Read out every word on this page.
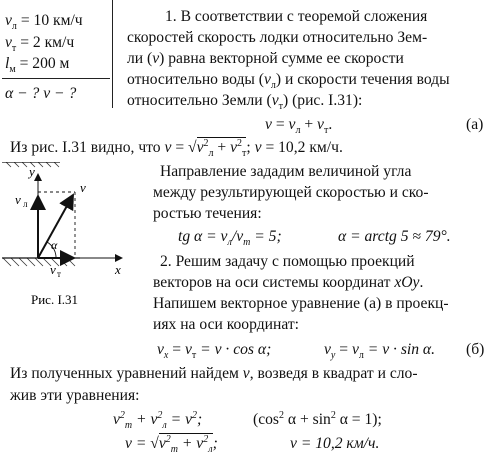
$v_л = 10$ км/ч
$v_т = 2$ км/ч
$l_м = 200$ м
α − ? v − ?
1. В соответствии с теоремой сложения
скоростей скорость лодки относительно Зем-
ли (v) равна векторной сумме ее скорости
относительно воды $(v_л)$ и скорости течения воды
относительно Земли $(v_т)$ (рис. I.31):
$v = v_л + v_т$.	(а)
Из рис. I.31 видно, что $v = √v^2_л + v^2_т$; v = 10,2 км/ч.
Направление зададим величиной угла
между результирующей скоростью и ско-
ростью течения:
tg $\alpha = v_л/v_т = 5$;	α = arctg 5 ≈ 79°.
2. Решим задачу с помощью проекций
векторов на оси системы координат xOy.
Напишем векторное уравнение (а) в проекц-
иях на оси координат:
$v_x = v_т = v \cdot \cos \alpha$;	$v_y = v_л = v \cdot \sin \alpha$. (б)
Из полученных уравнений найдем v, возведя в квадрат и сло-
жив эти уравнения:
$v^2_т + v^2_л = v^2$;	($\cos^2$ $\alpha + \sin^2 \alpha = 1$);
$v = √v^2_т + v^2_л$;	v = 10,2 км/ч.
y
x
v
v л
v т
α
Рис. I.31
